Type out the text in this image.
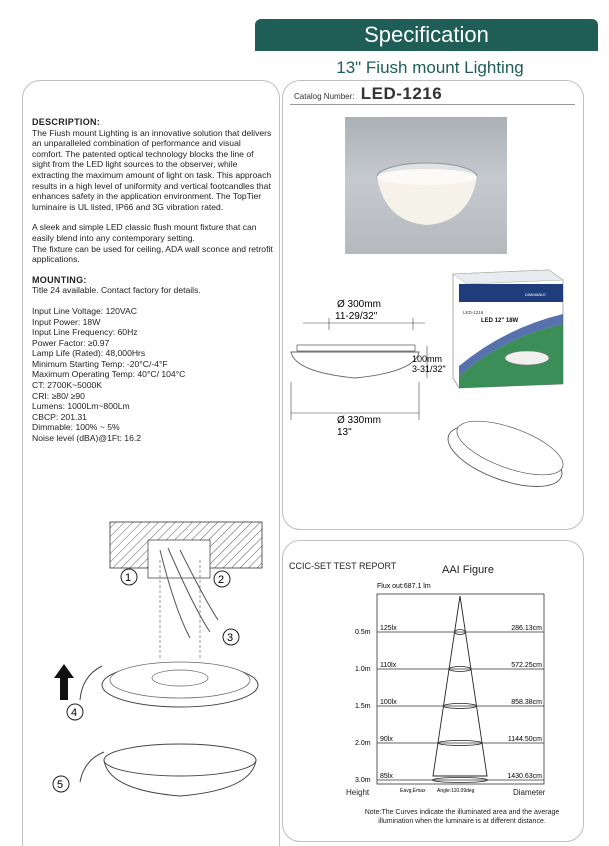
Specification
13" Fiush mount Lighting
Catalog Number: LED-1216
DESCRIPTION:
The Fiush mount Lighting is an innovative solution that delivers an unparalleled combination of performance and visual comfort. The patented optical technology blocks the line of sight from the LED light sources to the observer, while extracting the maximum amount of light on task. This approach results in a high level of uniformity and vertical footcandles that enhances safety in the application environment. The TopTier luminaire is UL listed, IP66 and 3G vibration rated.
A sleek and simple LED classic flush mount fixture that can easily blend into any contemporary setting.
The fixture can be used for ceiling, ADA wall sconce and retrofit applications.
MOUNTING:
Title 24 available. Contact factory for details.
Input Line Voltage: 120VAC
Input Power: 18W
Input Line Frequency: 60Hz
Power Factor: ≥0.97
Lamp Life (Rated): 48,000Hrs
Minimum Starting Temp: -20°C/-4°F
Maximum Operating Temp: 40°C/ 104°C
CT: 2700K~5000K
CRI: ≥80/ ≥90
Lumens: 1000Lm~800Lm
CBCP: 201.31
Dimmable: 100% ~ 5%
Noise level (dBA)@1Ft: 16.2
LED-1216
LED 12" 18W
DIMMABLE
Ø 300mm
11-29/32"
100mm
3-31/32"
Ø 330mm
13"
1	2
3
4
5
CCIC-SET TEST REPORT	AAI Figure
Flux out:687.1 lm
0.5m
125lx	286.13cm
1.0m
110lx	572.25cm
1.5m
100lx	858.38cm
2.0m
90lx	1144.50cm
3.0m
85lx	1430.63cm
Eavg,Emax Angle:110.09deg
Height	Diameter
Note:The Curves indicate the illuminated area and the average illumination when the luminaire is at different distance.
